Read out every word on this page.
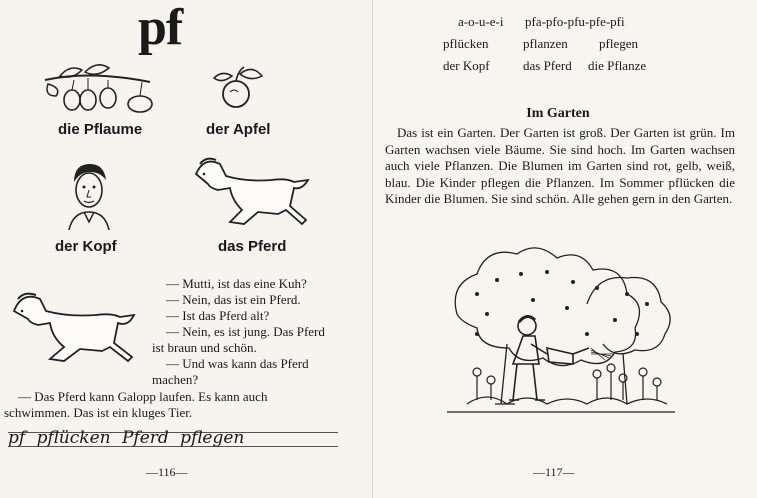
pf
die Pflaume	der Apfel
der Kopf	das Pferd
— Mutti, ist das eine Kuh?
— Nein, das ist ein Pferd.
— Ist das Pferd alt?
— Nein, es ist jung. Das Pferd
ist braun und schön.
— Und was kann das Pferd
machen?
— Das Pferd kann Galopp laufen. Es kann auch
schwimmen. Das ist ein kluges Tier.
pf pflücken Pferd pflegen
—116—
a-o-u-e-i pfa-pfo-pfu-pfe-pfi
pflücken	pflanzen pflegen
der Kopf	das Pferd die Pflanze
Im Garten

Das ist ein Garten. Der Garten ist groß. Der Garten ist grün. Im Garten wachsen viele Bäume. Sie sind hoch. Im Garten wachsen auch viele Pflanzen. Die Blumen im Garten sind rot, gelb, weiß, blau. Die Kinder pflegen die Pflanzen. Im Sommer pflücken die Kinder die Blumen. Sie sind schön. Alle gehen gern in den Garten.

—117—
